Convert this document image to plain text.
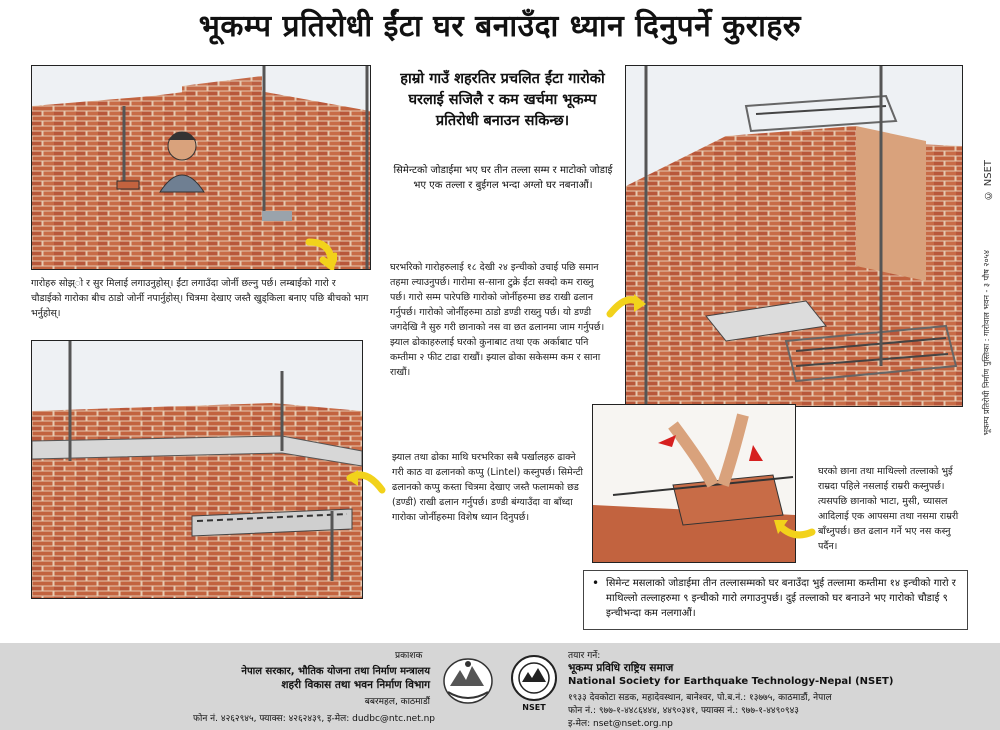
भूकम्प प्रतिरोधी ईंटा घर बनाउँदा ध्यान दिनुपर्ने कुराहरु
हाम्रो गाउँ शहरतिर प्रचलित ईंटा गारोको घरलाई सजिलै र कम खर्चमा भूकम्प प्रतिरोधी बनाउन सकिन्छ।
सिमेन्टको जोडाईमा भए घर तीन तल्ला सम्म र माटोको जोडाई भए एक तल्ला र बुईगल भन्दा अग्लो घर नबनाऔं।
गारोहरु सोझ्ो र सुर मिलाई लगाउनुहोस्। ईंटा लगाउँदा जोर्नी छल्नु पर्छ। लम्बाईको गारो र चौडाईको गारोका बीच ठाडो जोर्नी नपार्नुहोस्। चित्रमा देखाए जस्तै खुड्किला बनाए पछि बीचको भाग भर्नुहोस्।
घरभरिको गारोहरुलाई १८ देखी २४ इन्चीको उचाई पछि समान तहमा ल्याउनुपर्छ। गारोमा स-साना टुक्रे ईंटा सक्दो कम राख्नु पर्छ। गारो सम्म पारेपछि गारोको जोर्नीहरुमा छड राखी ढलान गर्नुपर्छ। गारोको जोर्नीहरुमा ठाडो डण्डी राख्नु पर्छ। यो डण्डी जगदेखि नै सुरु गरी छानाको नस वा छत ढलानमा जाम गर्नुपर्छ। झ्याल ढोकाहरुलाई घरको कुनाबाट तथा एक अर्काबाट पनि कम्तीमा २ फीट टाढा राखौं। झ्याल ढोका सकेसम्म कम र साना राखौं।
झ्याल तथा ढोका माथि घरभरिका सबै पर्खालहरु ढाक्ने गरी काठ वा ढलानको कप्पु (Lintel) कस्नुपर्छ। सिमेन्टी ढलानको कप्पु कस्ता चित्रमा देखाए जस्तै फलामको छड (डण्डी) राखी ढलान गर्नुपर्छ। डण्डी बंग्याउँदा वा बाँध्दा गारोका जोर्नीहरुमा विशेष ध्यान दिनुपर्छ।
घरको छाना तथा माथिल्लो तल्लाको भुई राम्रदा पहिले नसलाई राम्ररी कस्नुपर्छ। त्यसपछि छानाको भाटा, मुसी, च्यासल आदिलाई एक आपसमा तथा नसमा राम्ररी बाँध्नुपर्छ। छत ढलान गर्ने भए नस कस्नु पर्दैन।
• सिमेन्ट मसलाको जोडाईमा तीन तल्लासम्मको घर बनाउँदा भुई तल्लामा कम्तीमा १४ इन्चीको गारो र माथिल्लो तल्लाहरुमा ९ इन्चीको गारो लगाउनुपर्छ। दुई तल्लाको घर बनाउने भए गारोको चौडाई ९ इन्चीभन्दा कम नलगाऔं।
© NSET
भूकम्प प्रतिरोधी निर्माण पुस्तिका : गारोवाल भवन - ३ पौष २०५४
प्रकाशक
नेपाल सरकार, भौतिक योजना तथा निर्माण मन्त्रालय
शहरी विकास तथा भवन निर्माण विभाग
बबरमहल, काठमाडौं
फोन नं. ४२६२९४५, फ्याक्स: ४२६२४३९, इ-मेल: dudbc@ntc.net.np
NSET
तयार गर्ने:
भूकम्प प्रविधि राष्ट्रिय समाज
National Society for Earthquake Technology-Nepal (NSET)
१९३३ देवकोटा सडक, महादेवस्थान, बानेश्वर, पो.ब.नं.: १३७७५, काठमाडौं, नेपाल
फोन नं.: ९७७-१-४४८६४४४, ४४९०३४१, फ्याक्स नं.: ९७७-१-४४९०९४३
इ-मेल: nset@nset.org.np
